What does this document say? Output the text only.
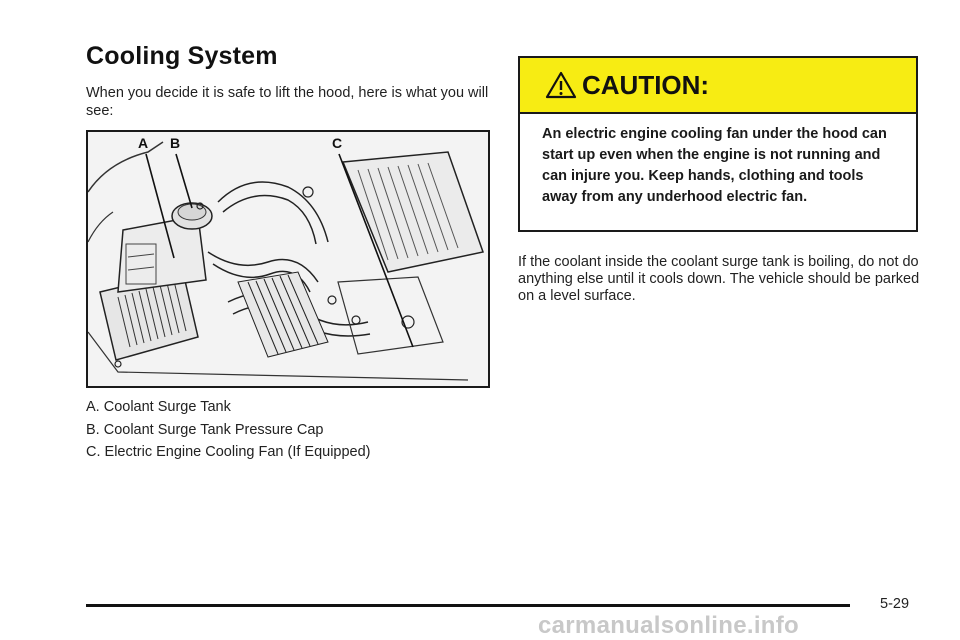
Cooling System

When you decide it is safe to lift the hood, here is what you will see:

A B	C
A. Coolant Surge Tank
B. Coolant Surge Tank Pressure Cap
C. Electric Engine Cooling Fan (If Equipped)
CAUTION:

An electric engine cooling fan under the hood can start up even when the engine is not running and can injure you. Keep hands, clothing and tools away from any underhood electric fan.

If the coolant inside the coolant surge tank is boiling, do not do anything else until it cools down. The vehicle should be parked on a level surface.

5-29

carmanualsonline.info
